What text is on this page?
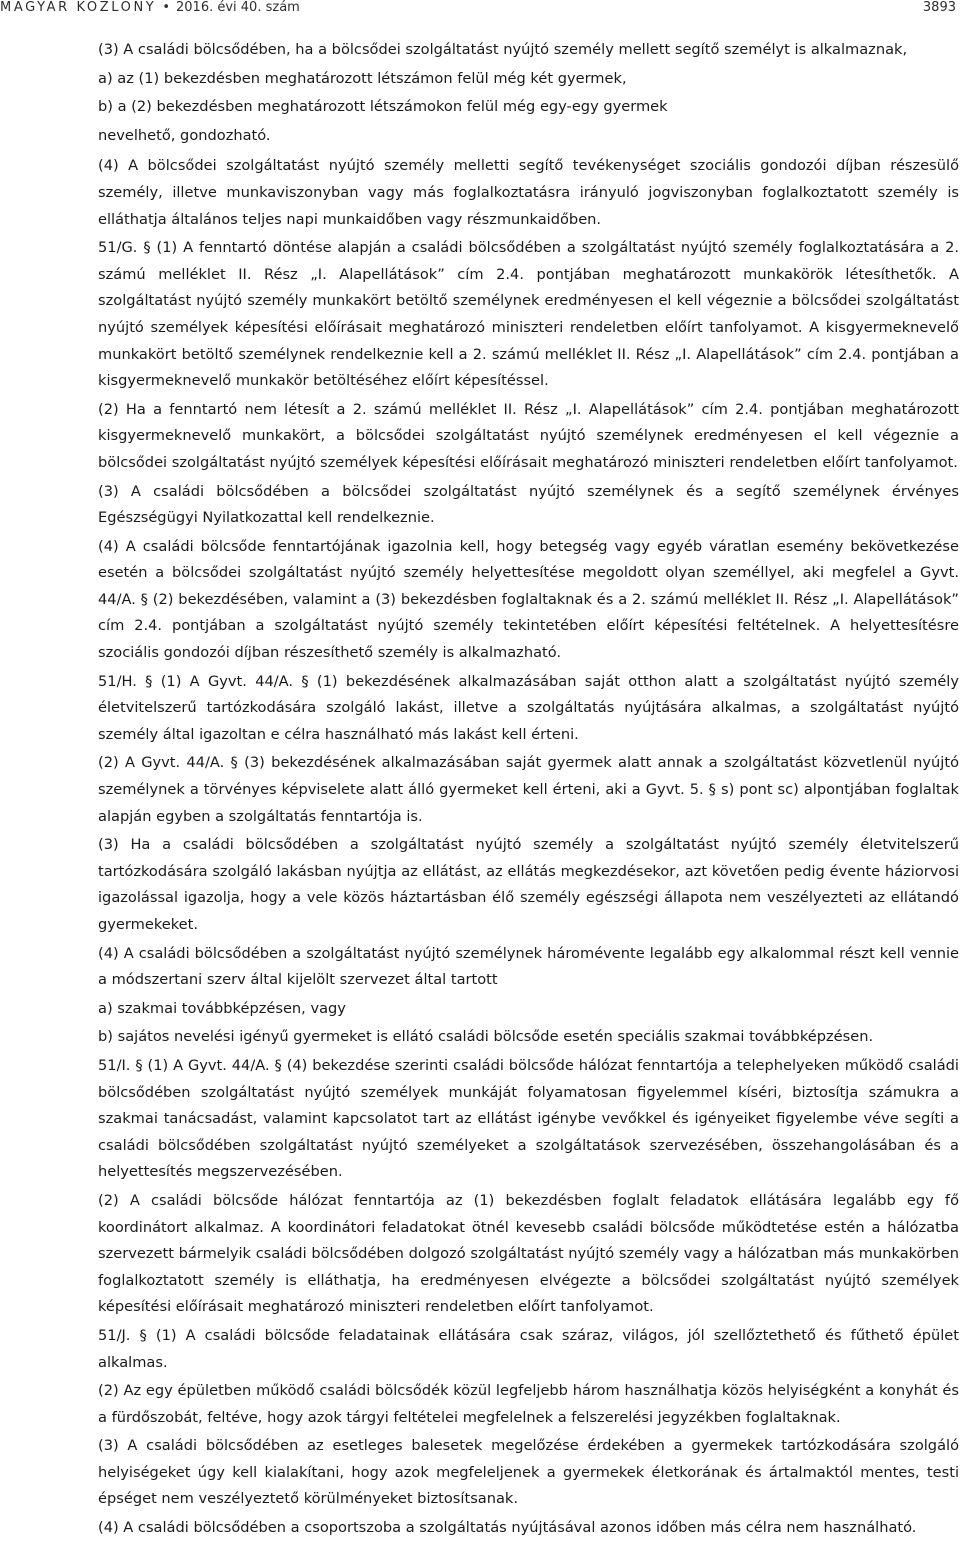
MAGYAR KÖZLÖNY • 2016. évi 40. szám	3893

(3) A családi bölcsődében, ha a bölcsődei szolgáltatást nyújtó személy mellett segítő személyt is alkalmaznak,

a) az (1) bekezdésben meghatározott létszámon felül még két gyermek,

b) a (2) bekezdésben meghatározott létszámokon felül még egy-egy gyermek

nevelhető, gondozható.

(4) A bölcsődei szolgáltatást nyújtó személy melletti segítő tevékenységet szociális gondozói díjban részesülő személy, illetve munkaviszonyban vagy más foglalkoztatásra irányuló jogviszonyban foglalkoztatott személy is elláthatja általános teljes napi munkaidőben vagy részmunkaidőben.

51/G. § (1) A fenntartó döntése alapján a családi bölcsődében a szolgáltatást nyújtó személy foglalkoztatására a 2. számú melléklet II. Rész „I. Alapellátások” cím 2.4. pontjában meghatározott munkakörök létesíthetők. A szolgáltatást nyújtó személy munkakört betöltő személynek eredményesen el kell végeznie a bölcsődei szolgáltatást nyújtó személyek képesítési előírásait meghatározó miniszteri rendeletben előírt tanfolyamot. A kisgyermeknevelő munkakört betöltő személynek rendelkeznie kell a 2. számú melléklet II. Rész „I. Alapellátások” cím 2.4. pontjában a kisgyermeknevelő munkakör betöltéséhez előírt képesítéssel.

(2) Ha a fenntartó nem létesít a 2. számú melléklet II. Rész „I. Alapellátások” cím 2.4. pontjában meghatározott kisgyermeknevelő munkakört, a bölcsődei szolgáltatást nyújtó személynek eredményesen el kell végeznie a bölcsődei szolgáltatást nyújtó személyek képesítési előírásait meghatározó miniszteri rendeletben előírt tanfolyamot.

(3) A családi bölcsődében a bölcsődei szolgáltatást nyújtó személynek és a segítő személynek érvényes Egészségügyi Nyilatkozattal kell rendelkeznie.

(4) A családi bölcsőde fenntartójának igazolnia kell, hogy betegség vagy egyéb váratlan esemény bekövetkezése esetén a bölcsődei szolgáltatást nyújtó személy helyettesítése megoldott olyan személlyel, aki megfelel a Gyvt. 44/A. § (2) bekezdésében, valamint a (3) bekezdésben foglaltaknak és a 2. számú melléklet II. Rész „I. Alapellátások” cím 2.4. pontjában a szolgáltatást nyújtó személy tekintetében előírt képesítési feltételnek. A helyettesítésre szociális gondozói díjban részesíthető személy is alkalmazható.

51/H. § (1) A Gyvt. 44/A. § (1) bekezdésének alkalmazásában saját otthon alatt a szolgáltatást nyújtó személy életvitelszerű tartózkodására szolgáló lakást, illetve a szolgáltatás nyújtására alkalmas, a szolgáltatást nyújtó személy által igazoltan e célra használható más lakást kell érteni.

(2) A Gyvt. 44/A. § (3) bekezdésének alkalmazásában saját gyermek alatt annak a szolgáltatást közvetlenül nyújtó személynek a törvényes képviselete alatt álló gyermeket kell érteni, aki a Gyvt. 5. § s) pont sc) alpontjában foglaltak alapján egyben a szolgáltatás fenntartója is.

(3) Ha a családi bölcsődében a szolgáltatást nyújtó személy a szolgáltatást nyújtó személy életvitelszerű tartózkodására szolgáló lakásban nyújtja az ellátást, az ellátás megkezdésekor, azt követően pedig évente háziorvosi igazolással igazolja, hogy a vele közös háztartásban élő személy egészségi állapota nem veszélyezteti az ellátandó gyermekeket.

(4) A családi bölcsődében a szolgáltatást nyújtó személynek háromévente legalább egy alkalommal részt kell vennie a módszertani szerv által kijelölt szervezet által tartott

a) szakmai továbbképzésen, vagy

b) sajátos nevelési igényű gyermeket is ellátó családi bölcsőde esetén speciális szakmai továbbképzésen.

51/I. § (1) A Gyvt. 44/A. § (4) bekezdése szerinti családi bölcsőde hálózat fenntartója a telephelyeken működő családi bölcsődében szolgáltatást nyújtó személyek munkáját folyamatosan figyelemmel kíséri, biztosítja számukra a szakmai tanácsadást, valamint kapcsolatot tart az ellátást igénybe vevőkkel és igényeiket figyelembe véve segíti a családi bölcsődében szolgáltatást nyújtó személyeket a szolgáltatások szervezésében, összehangolásában és a helyettesítés megszervezésében.

(2) A családi bölcsőde hálózat fenntartója az (1) bekezdésben foglalt feladatok ellátására legalább egy fő koordinátort alkalmaz. A koordinátori feladatokat ötnél kevesebb családi bölcsőde működtetése estén a hálózatba szervezett bármelyik családi bölcsődében dolgozó szolgáltatást nyújtó személy vagy a hálózatban más munkakörben foglalkoztatott személy is elláthatja, ha eredményesen elvégezte a bölcsődei szolgáltatást nyújtó személyek képesítési előírásait meghatározó miniszteri rendeletben előírt tanfolyamot.

51/J. § (1) A családi bölcsőde feladatainak ellátására csak száraz, világos, jól szellőztethető és fűthető épület alkalmas.

(2) Az egy épületben működő családi bölcsődék közül legfeljebb három használhatja közös helyiségként a konyhát és a fürdőszobát, feltéve, hogy azok tárgyi feltételei megfelelnek a felszerelési jegyzékben foglaltaknak.

(3) A családi bölcsődében az esetleges balesetek megelőzése érdekében a gyermekek tartózkodására szolgáló helyiségeket úgy kell kialakítani, hogy azok megfeleljenek a gyermekek életkorának és ártalmaktól mentes, testi épséget nem veszélyeztető körülményeket biztosítsanak.

(4) A családi bölcsődében a csoportszoba a szolgáltatás nyújtásával azonos időben más célra nem használható.
